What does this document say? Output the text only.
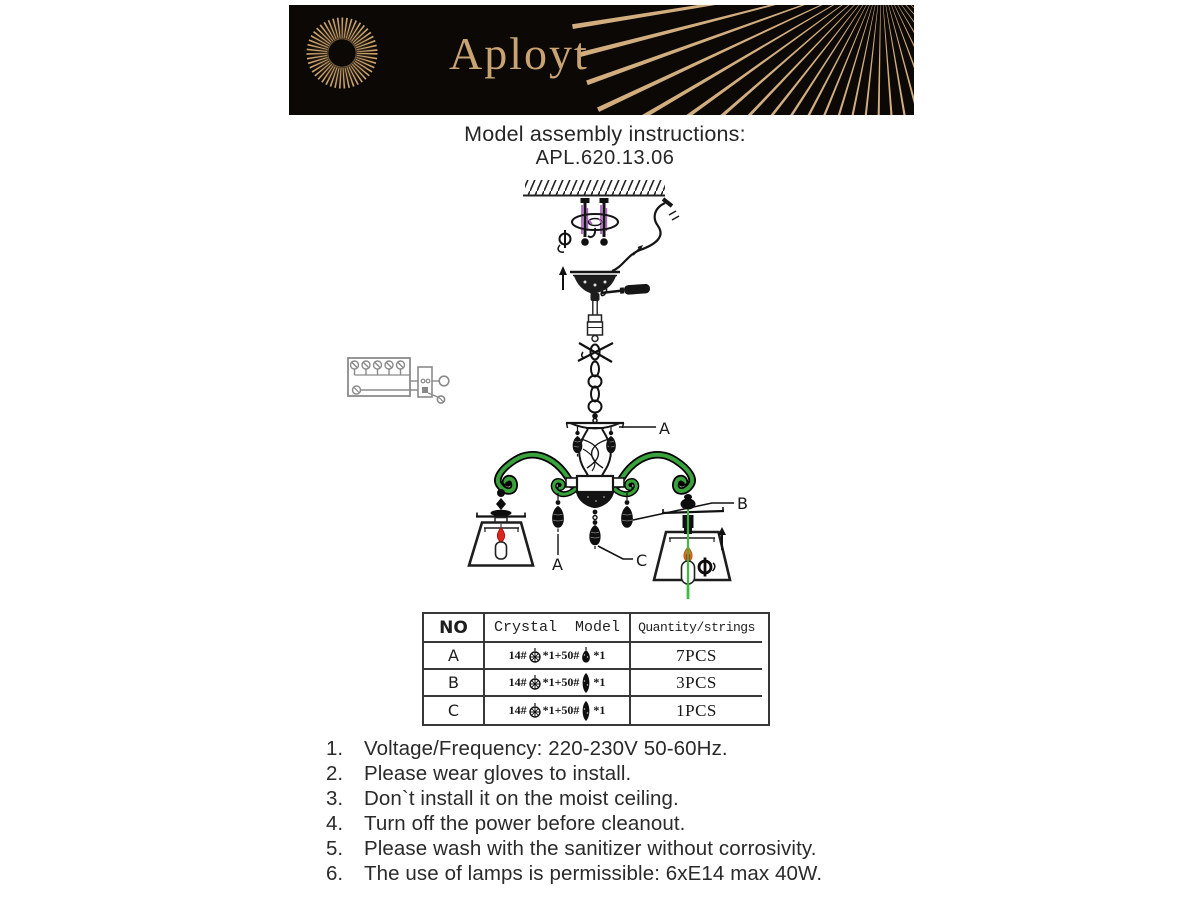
Aployt
Model assembly instructions:
APL.620.13.06
A
C
A
B
NO	Crystal Model	Quantity/strings
A	14# *1+50# *1	7PCS
B	14# *1+50# *1	3PCS
C	14# *1+50# *1	1PCS
1.	Voltage/Frequency: 220-230V 50-60Hz.
2.	Please wear gloves to install.
3.	Don`t install it on the moist ceiling.
4.	Turn off the power before cleanout.
5.	Please wash with the sanitizer without corrosivity.
6.	The use of lamps is permissible: 6xE14 max 40W.
